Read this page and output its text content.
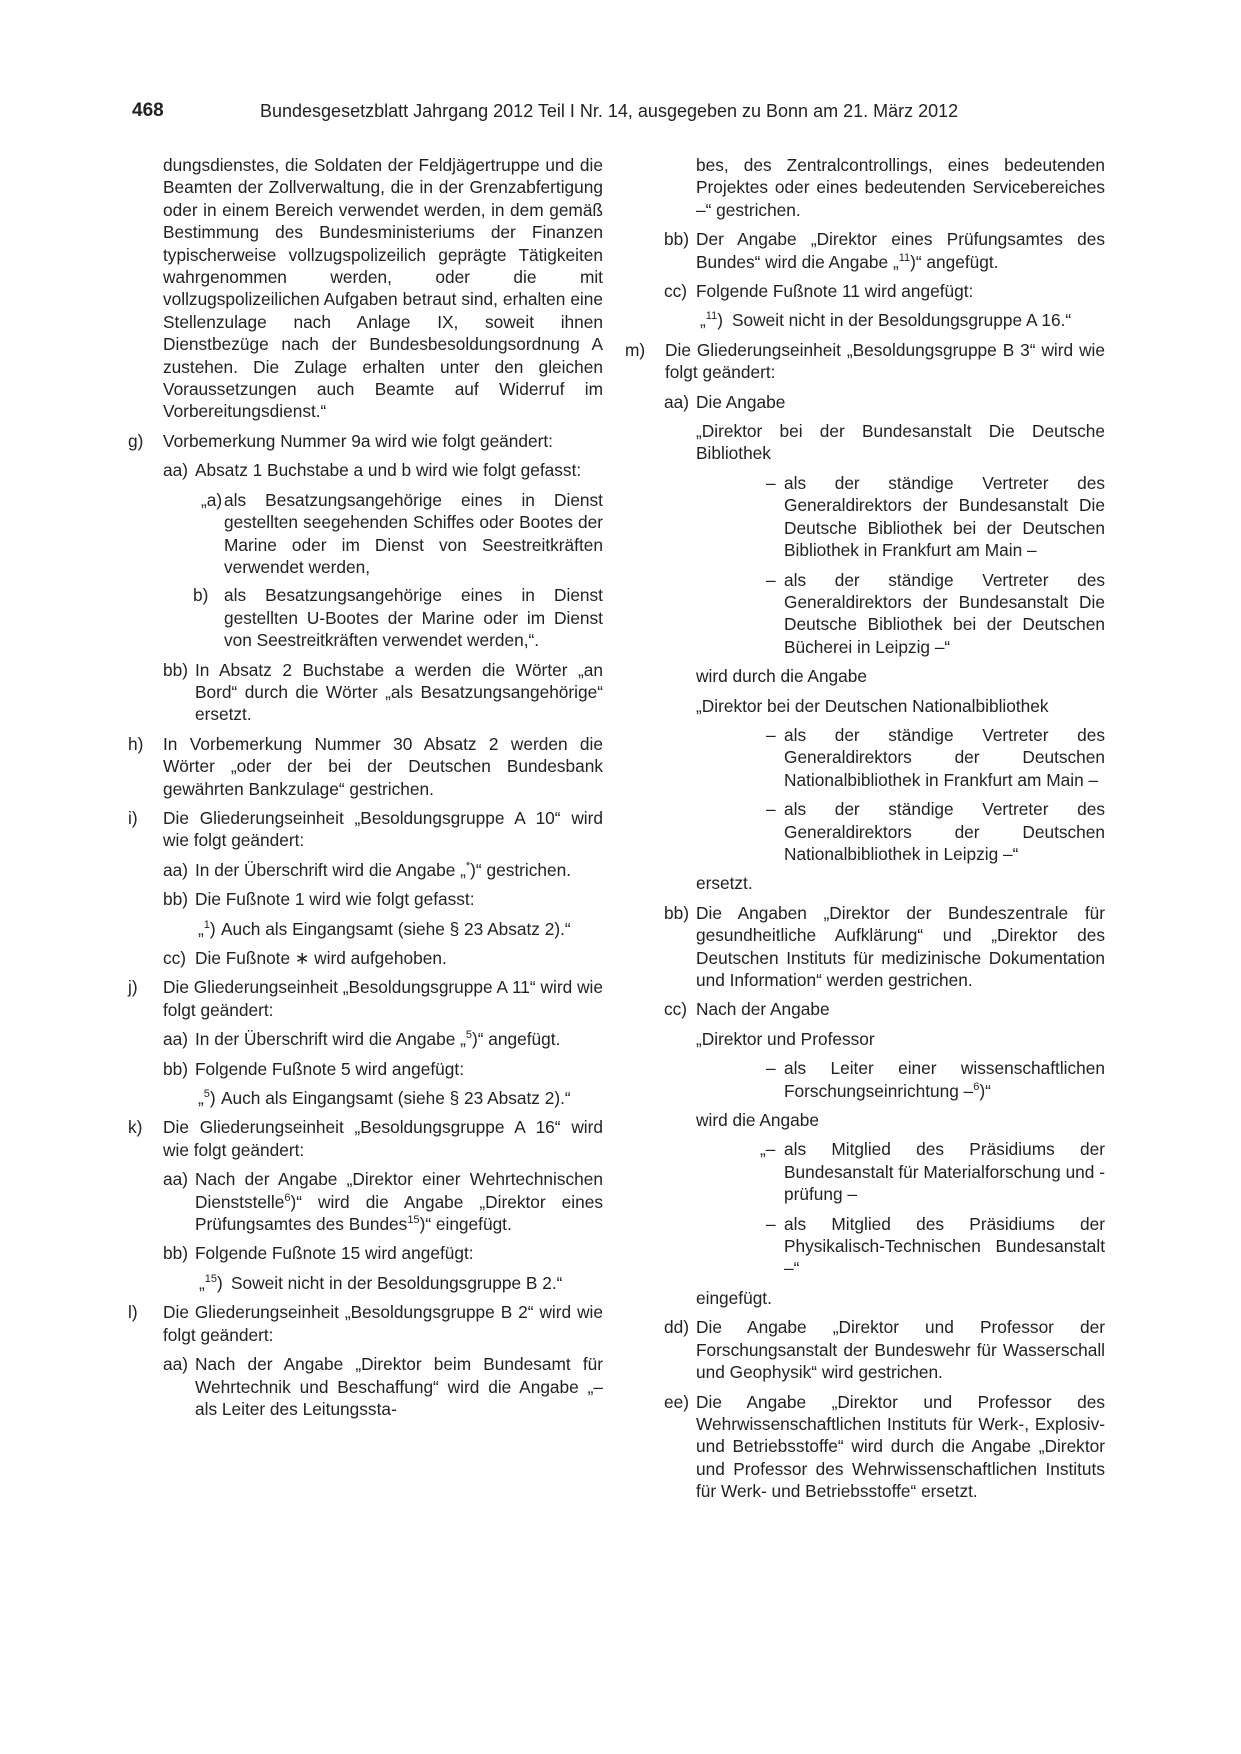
468	Bundesgesetzblatt Jahrgang 2012 Teil I Nr. 14, ausgegeben zu Bonn am 21. März 2012

dungsdienstes, die Soldaten der Feldjägertruppe und die Beamten der Zollverwaltung, die in der Grenzabfertigung oder in einem Bereich verwendet werden, in dem gemäß Bestimmung des Bundesministeriums der Finanzen typischerweise vollzugspolizeilich geprägte Tätigkeiten wahrgenommen werden, oder die mit vollzugspolizeilichen Aufgaben betraut sind, erhalten eine Stellenzulage nach Anlage IX, soweit ihnen Dienstbezüge nach der Bundesbesoldungsordnung A zustehen. Die Zulage erhalten unter den gleichen Voraussetzungen auch Beamte auf Widerruf im Vorbereitungsdienst.“

g) Vorbemerkung Nummer 9a wird wie folgt geändert:
aa) Absatz 1 Buchstabe a und b wird wie folgt gefasst:
„a) als Besatzungsangehörige eines in Dienst gestellten seegehenden Schiffes oder Bootes der Marine oder im Dienst von Seestreitkräften verwendet werden,
b) als Besatzungsangehörige eines in Dienst gestellten U-Bootes der Marine oder im Dienst von Seestreitkräften verwendet werden,“.
bb) In Absatz 2 Buchstabe a werden die Wörter „an Bord“ durch die Wörter „als Besatzungsangehörige“ ersetzt.
h) In Vorbemerkung Nummer 30 Absatz 2 werden die Wörter „oder der bei der Deutschen Bundesbank gewährten Bankzulage“ gestrichen.
i) Die Gliederungseinheit „Besoldungsgruppe A 10“ wird wie folgt geändert:
aa) In der Überschrift wird die Angabe „*)“ gestrichen.
bb) Die Fußnote 1 wird wie folgt gefasst:
„$^1$) Auch als Eingangsamt (siehe § 23 Absatz 2).“
cc) Die Fußnote ∗ wird aufgehoben.
j) Die Gliederungseinheit „Besoldungsgruppe A 11“ wird wie folgt geändert:
aa) In der Überschrift wird die Angabe „$^5$)“ angefügt.
bb) Folgende Fußnote 5 wird angefügt:
„$^5$) Auch als Eingangsamt (siehe § 23 Absatz 2).“
k) Die Gliederungseinheit „Besoldungsgruppe A 16“ wird wie folgt geändert:
aa) Nach der Angabe „Direktor einer Wehrtechnischen Dienststelle$^6$)“ wird die Angabe „Direktor eines Prüfungsamtes des Bundes$^{15}$)“ eingefügt.
bb) Folgende Fußnote 15 wird angefügt:
„$^{15}$) Soweit nicht in der Besoldungsgruppe B 2.“
l) Die Gliederungseinheit „Besoldungsgruppe B 2“ wird wie folgt geändert:
aa) Nach der Angabe „Direktor beim Bundesamt für Wehrtechnik und Beschaffung“ wird die Angabe „– als Leiter des Leitungssta-

bes, des Zentralcontrollings, eines bedeutenden Projektes oder eines bedeutenden Servicebereiches –“ gestrichen.

bb) Der Angabe „Direktor eines Prüfungsamtes des Bundes“ wird die Angabe „$^{11}$)“ angefügt.
cc) Folgende Fußnote 11 wird angefügt:
„$^{11}$) Soweit nicht in der Besoldungsgruppe A 16.“
m) Die Gliederungseinheit „Besoldungsgruppe B 3“ wird wie folgt geändert:
aa) Die Angabe

„Direktor bei der Bundesanstalt Die Deutsche Bibliothek

– als der ständige Vertreter des Generaldirektors der Bundesanstalt Die Deutsche Bibliothek bei der Deutschen Bibliothek in Frankfurt am Main –
– als der ständige Vertreter des Generaldirektors der Bundesanstalt Die Deutsche Bibliothek bei der Deutschen Bücherei in Leipzig –“

wird durch die Angabe

„Direktor bei der Deutschen Nationalbibliothek

– als der ständige Vertreter des Generaldirektors der Deutschen Nationalbibliothek in Frankfurt am Main –
– als der ständige Vertreter des Generaldirektors der Deutschen Nationalbibliothek in Leipzig –“

ersetzt.

bb) Die Angaben „Direktor der Bundeszentrale für gesundheitliche Aufklärung“ und „Direktor des Deutschen Instituts für medizinische Dokumentation und Information“ werden gestrichen.
cc) Nach der Angabe

„Direktor und Professor

– als Leiter einer wissenschaftlichen Forschungseinrichtung –$^6$)“

wird die Angabe

„– als Mitglied des Präsidiums der Bundesanstalt für Materialforschung und -prüfung –
– als Mitglied des Präsidiums der Physikalisch-Technischen Bundesanstalt –“

eingefügt.

dd) Die Angabe „Direktor und Professor der Forschungsanstalt der Bundeswehr für Wasserschall und Geophysik“ wird gestrichen.
ee) Die Angabe „Direktor und Professor des Wehrwissenschaftlichen Instituts für Werk-, Explosiv- und Betriebsstoffe“ wird durch die Angabe „Direktor und Professor des Wehrwissenschaftlichen Instituts für Werk- und Betriebsstoffe“ ersetzt.
